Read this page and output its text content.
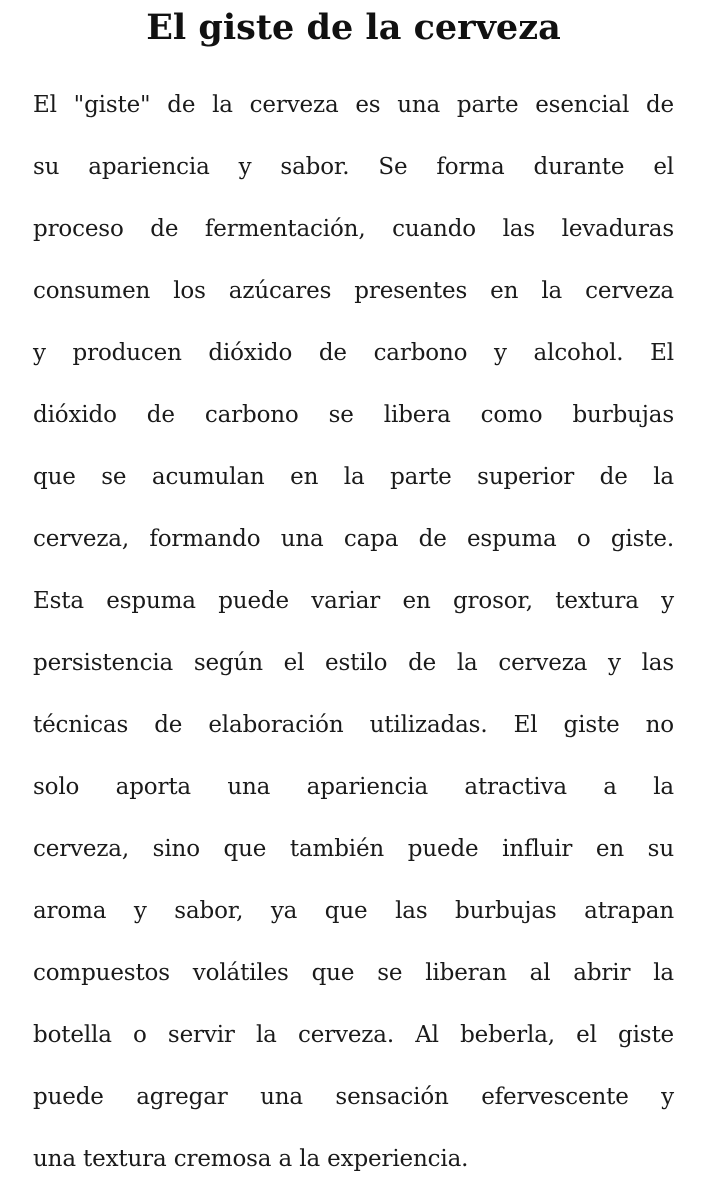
El giste de la cerveza
El "giste" de la cerveza es una parte esencial de
su apariencia y sabor. Se forma durante el
proceso de fermentación, cuando las levaduras
consumen los azúcares presentes en la cerveza
y producen dióxido de carbono y alcohol. El
dióxido de carbono se libera como burbujas
que se acumulan en la parte superior de la
cerveza, formando una capa de espuma o giste.
Esta espuma puede variar en grosor, textura y
persistencia según el estilo de la cerveza y las
técnicas de elaboración utilizadas. El giste no
solo aporta una apariencia atractiva a la
cerveza, sino que también puede influir en su
aroma y sabor, ya que las burbujas atrapan
compuestos volátiles que se liberan al abrir la
botella o servir la cerveza. Al beberla, el giste
puede agregar una sensación efervescente y
una textura cremosa a la experiencia.
